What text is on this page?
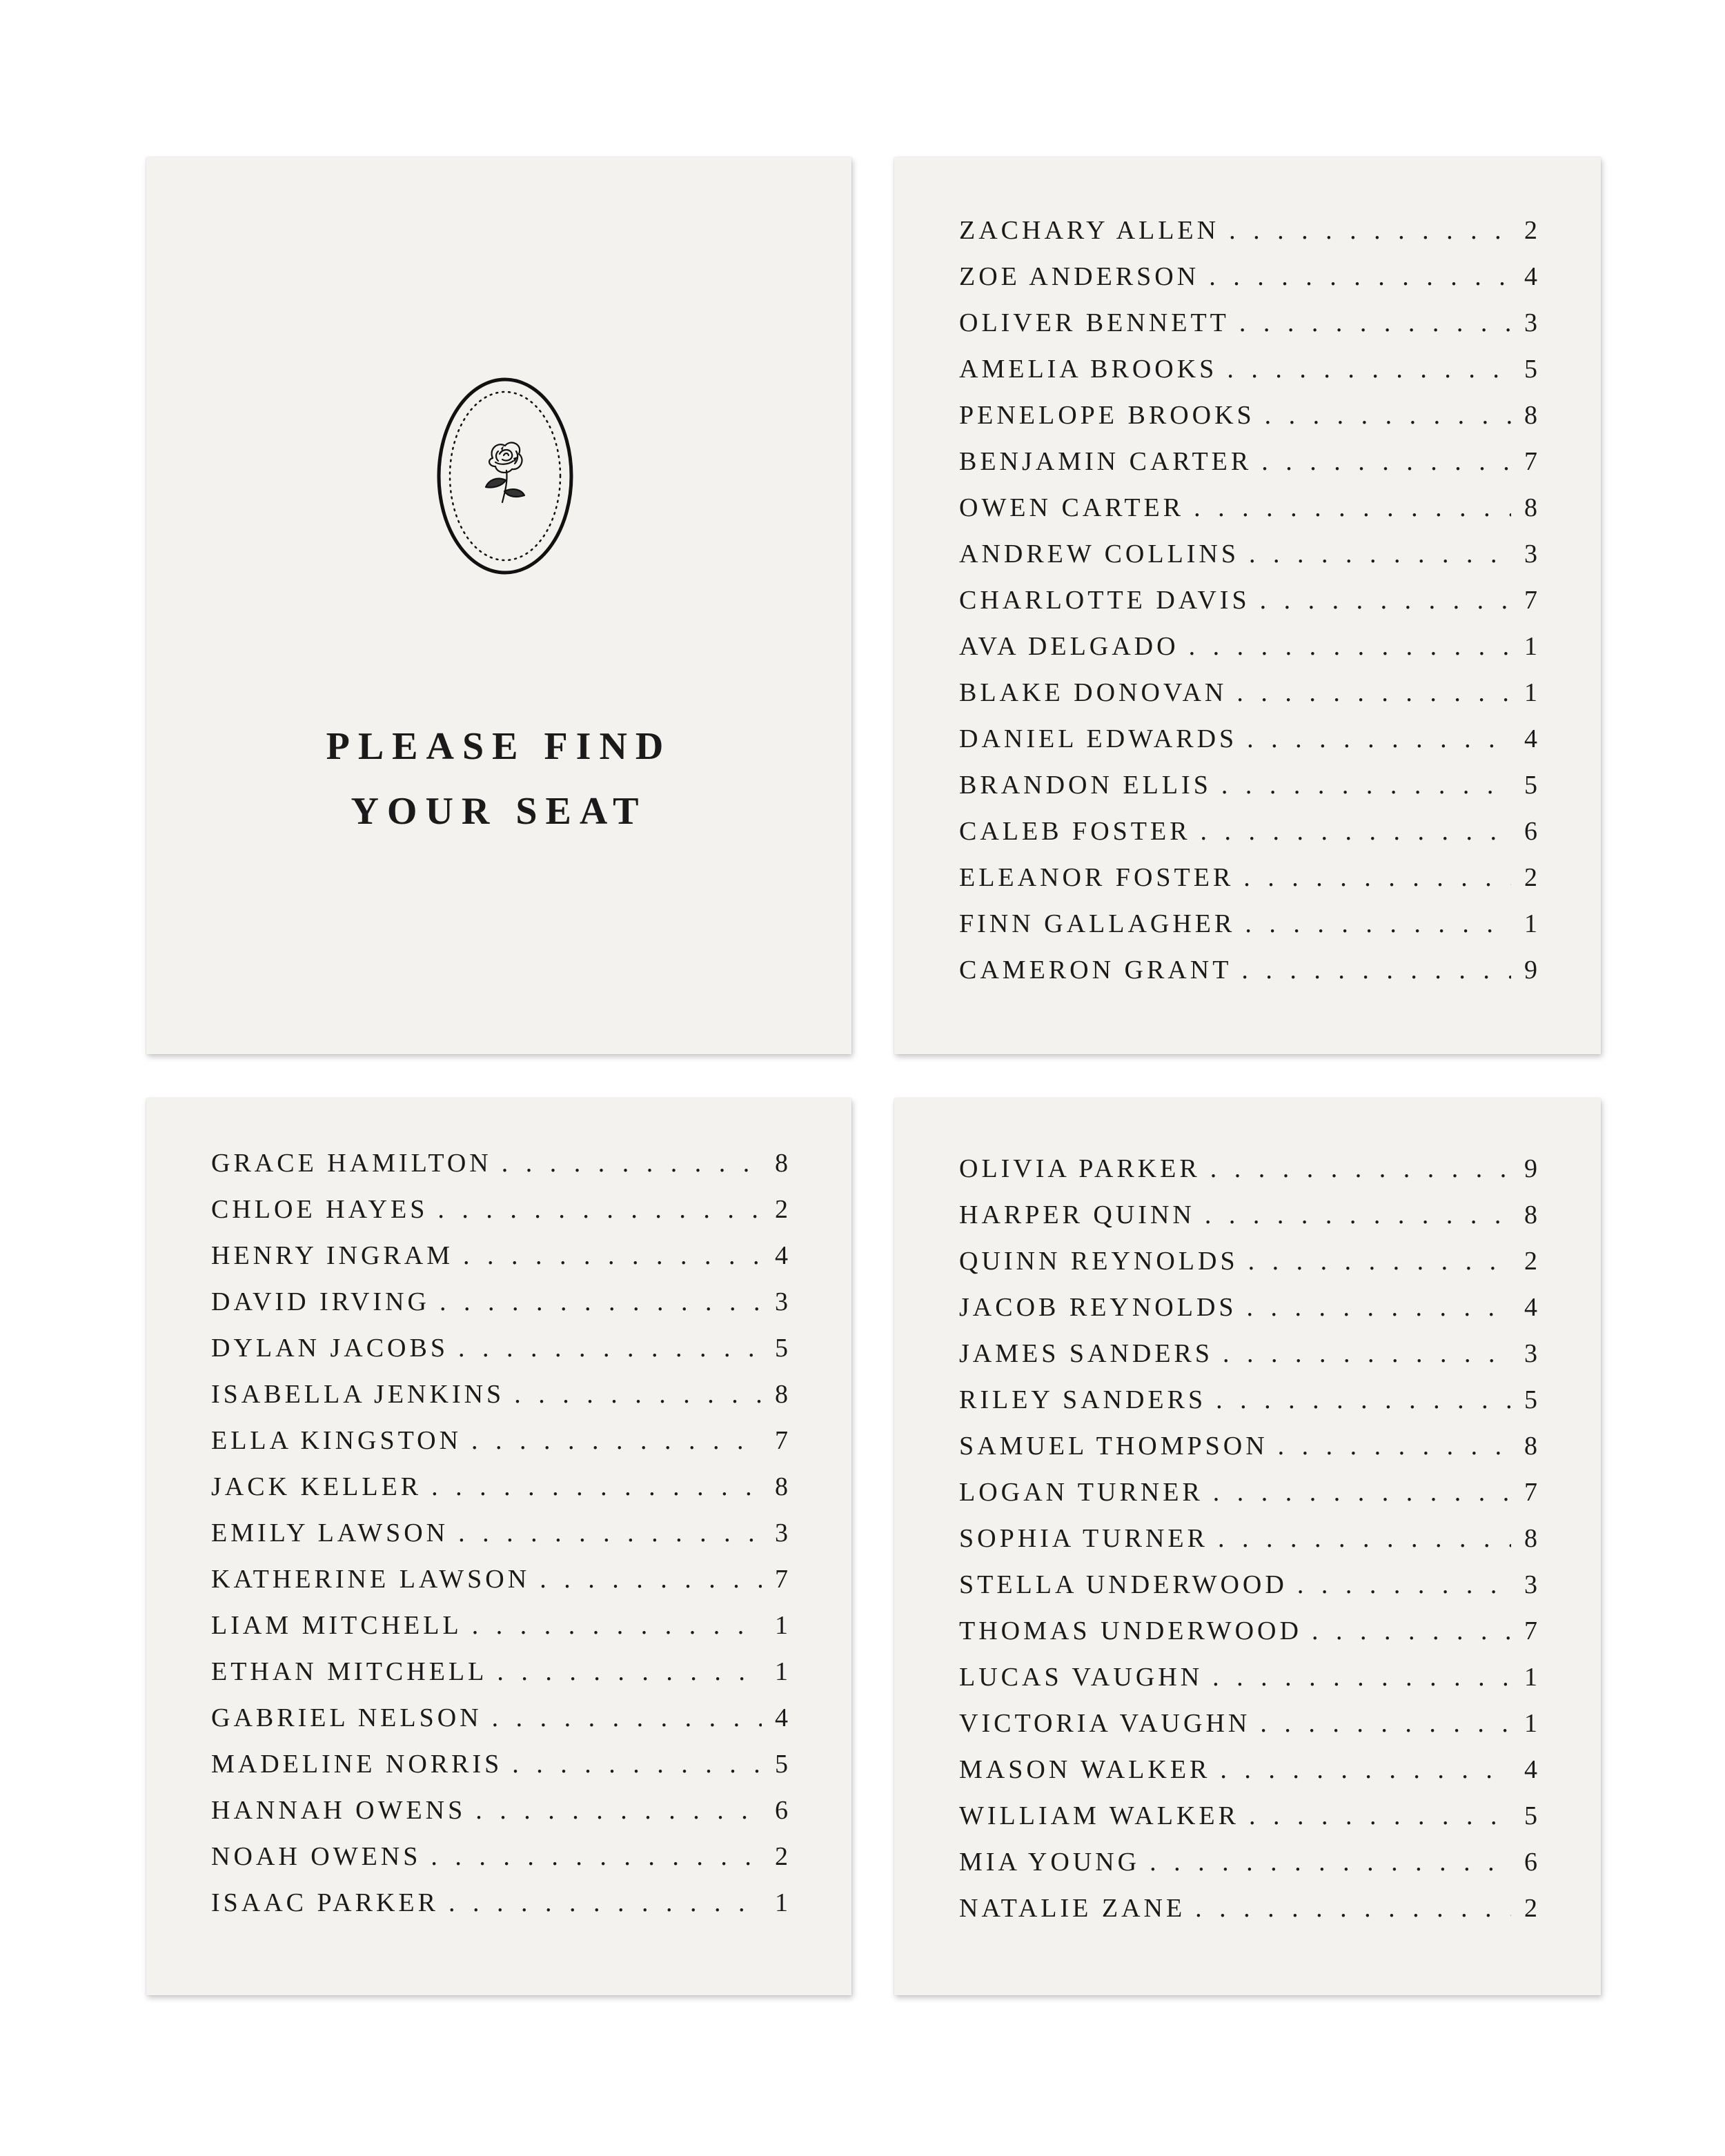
PLEASE FIND
YOUR SEAT
ZACHARY ALLEN . . .	2
ZOE ANDERSON . . .	4
OLIVER BENNETT . . .	3
AMELIA BROOKS . . .	5
PENELOPE BROOKS . . .	8
BENJAMIN CARTER . . .	7
OWEN CARTER . . .	8
ANDREW COLLINS . . .	3
CHARLOTTE DAVIS . . .	7
AVA DELGADO . . .	1
BLAKE DONOVAN . . .	1
DANIEL EDWARDS . . .	4
BRANDON ELLIS . . .	5
CALEB FOSTER . . .	6
ELEANOR FOSTER . . .	2
FINN GALLAGHER . . .	1
CAMERON GRANT . . .	9
GRACE HAMILTON . . .	8
CHLOE HAYES . . .	2
HENRY INGRAM . . .	4
DAVID IRVING . . .	3
DYLAN JACOBS . . .	5
ISABELLA JENKINS . . .	8
ELLA KINGSTON . . .	7
JACK KELLER . . .	8
EMILY LAWSON . . .	3
KATHERINE LAWSON . . .	7
LIAM MITCHELL . . .	1
ETHAN MITCHELL . . .	1
GABRIEL NELSON . . .	4
MADELINE NORRIS . . .	5
HANNAH OWENS . . .	6
NOAH OWENS . . .	2
ISAAC PARKER . . .	1
OLIVIA PARKER . . .	9
HARPER QUINN . . .	8
QUINN REYNOLDS . . .	2
JACOB REYNOLDS . . .	4
JAMES SANDERS . . .	3
RILEY SANDERS . . .	5
SAMUEL THOMPSON . . .	8
LOGAN TURNER . . .	7
SOPHIA TURNER . . .	8
STELLA UNDERWOOD . . .	3
THOMAS UNDERWOOD . . .	7
LUCAS VAUGHN . . .	1
VICTORIA VAUGHN . . .	1
MASON WALKER . . .	4
WILLIAM WALKER . . .	5
MIA YOUNG . . .	6
NATALIE ZANE . . .	2
